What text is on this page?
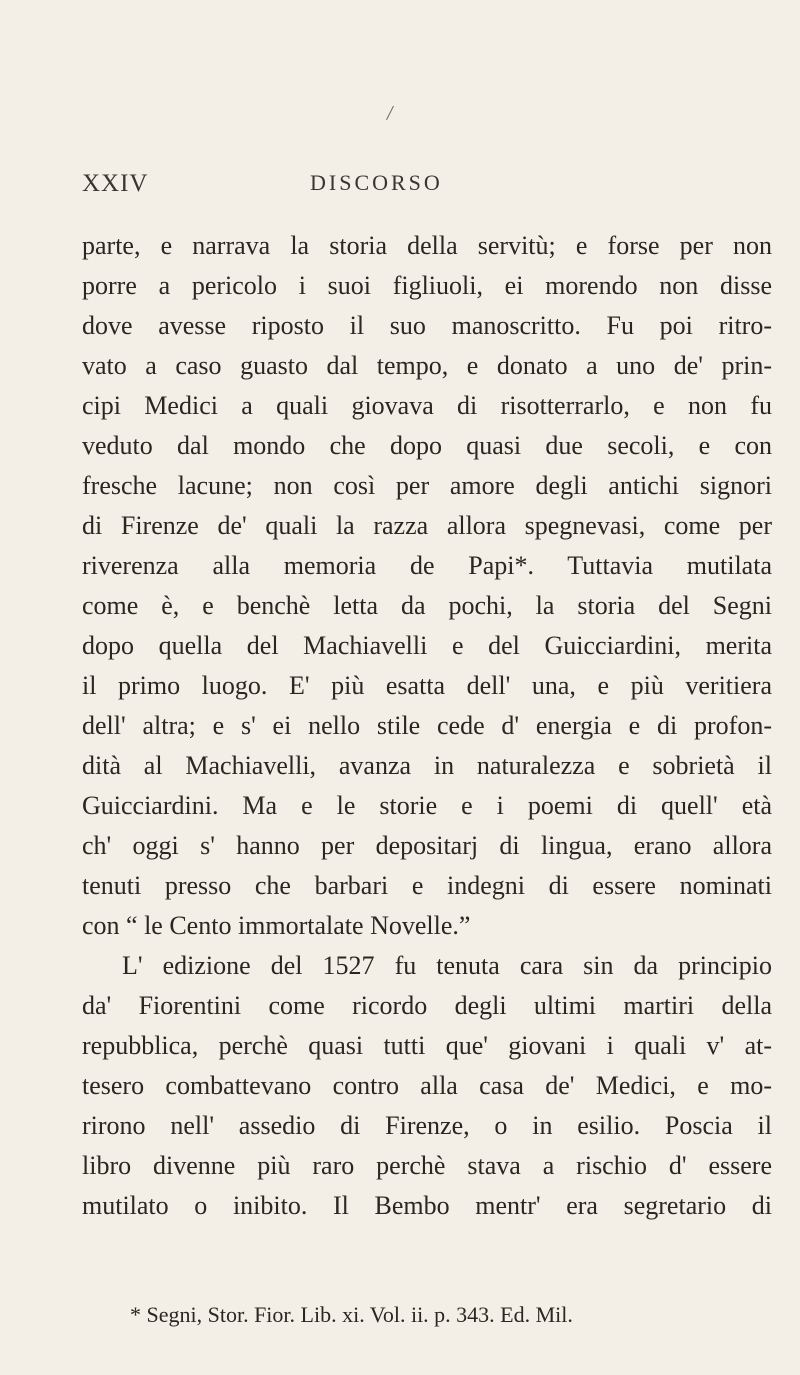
/
XXIV	DISCORSO
parte, e narrava la storia della servitù; e forse per non
porre a pericolo i suoi figliuoli, ei morendo non disse
dove avesse riposto il suo manoscritto. Fu poi ritro-
vato a caso guasto dal tempo, e donato a uno de' prin-
cipi Medici a quali giovava di risotterrarlo, e non fu
veduto dal mondo che dopo quasi due secoli, e con
fresche lacune; non così per amore degli antichi signori
di Firenze de' quali la razza allora spegnevasi, come per
riverenza alla memoria de Papi*. Tuttavia mutilata
come è, e benchè letta da pochi, la storia del Segni
dopo quella del Machiavelli e del Guicciardini, merita
il primo luogo. E' più esatta dell' una, e più veritiera
dell' altra; e s' ei nello stile cede d' energia e di profon-
dità al Machiavelli, avanza in naturalezza e sobrietà il
Guicciardini. Ma e le storie e i poemi di quell' età
ch' oggi s' hanno per depositarj di lingua, erano allora
tenuti presso che barbari e indegni di essere nominati
con “ le Cento immortalate Novelle.”
L' edizione del 1527 fu tenuta cara sin da principio
da' Fiorentini come ricordo degli ultimi martiri della
repubblica, perchè quasi tutti que' giovani i quali v' at-
tesero combattevano contro alla casa de' Medici, e mo-
rirono nell' assedio di Firenze, o in esilio. Poscia il
libro divenne più raro perchè stava a rischio d' essere
mutilato o inibito. Il Bembo mentr' era segretario di
* Segni, Stor. Fior. Lib. xi. Vol. ii. p. 343. Ed. Mil.
